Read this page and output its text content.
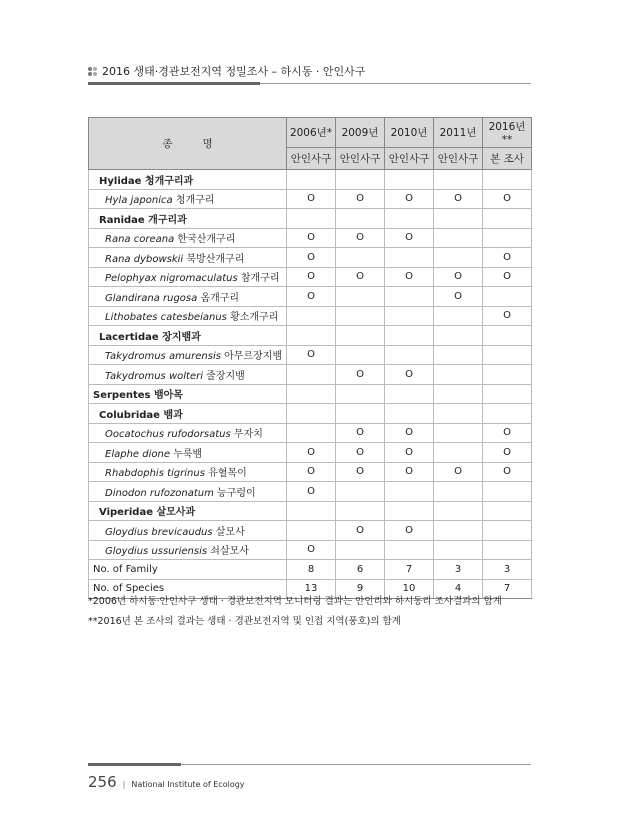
2016 생태·경관보전지역 정밀조사 – 하시동 · 안인사구
종         명	2006년*	2009년	2010년	2011년	2016년**
	안인사구	안인사구	안인사구	안인사구	본 조사
Hylidae 청개구리과					
Hyla japonica 청개구리	O	O	O	O	O
Ranidae 개구리과					
Rana coreana 한국산개구리	O	O	O		
Rana dybowskii 북방산개구리	O				O
Pelophyax nigromaculatus 참개구리	O	O	O	O	O
Glandirana rugosa 옴개구리	O			O	
Lithobates catesbeianus 황소개구리					O
Lacertidae 장지뱀과					
Takydromus amurensis 아무르장지뱀	O				
Takydromus wolteri 줄장지뱀		O	O		
Serpentes 뱀아목					
Colubridae 뱀과					
Oocatochus rufodorsatus 무자치		O	O		O
Elaphe dione 누룩뱀	O	O	O		O
Rhabdophis tigrinus 유혈목이	O	O	O	O	O
Dinodon rufozonatum 능구렁이	O				
Viperidae 살모사과					
Gloydius brevicaudus 살모사		O	O		
Gloydius ussuriensis 쇠살모사	O				
No. of Family	8	6	7	3	3
No. of Species	13	9	10	4	7
*2006년 하시동·안인사구 생태 · 경관보전지역 모니터링 결과는 안인리와 하시동리 조사결과의 합계
**2016년 본 조사의 결과는 생태 · 경관보전지역 및 인접 지역(풍호)의 합계
256 | National Institute of Ecology
